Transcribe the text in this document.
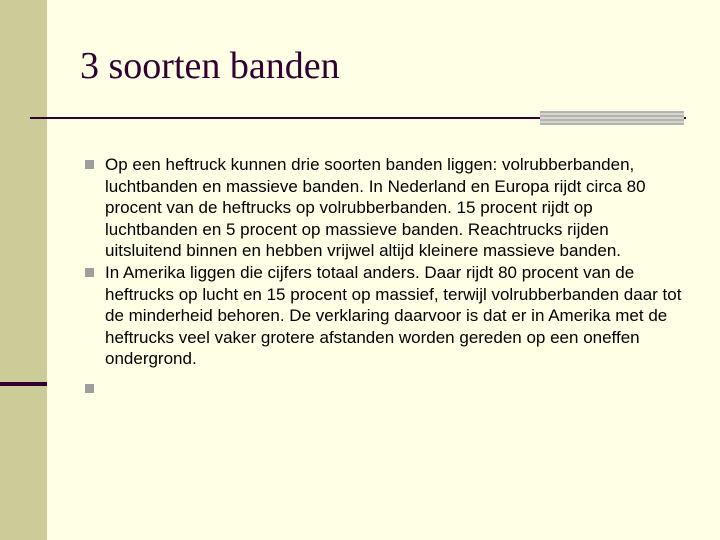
3 soorten banden
Op een heftruck kunnen drie soorten banden liggen: volrubberbanden, luchtbanden en massieve banden. In Nederland en Europa rijdt circa 80 procent van de heftrucks op volrubberbanden. 15 procent rijdt op luchtbanden en 5 procent op massieve banden. Reachtrucks rijden uitsluitend binnen en hebben vrijwel altijd kleinere massieve banden.
In Amerika liggen die cijfers totaal anders. Daar rijdt 80 procent van de heftrucks op lucht en 15 procent op massief, terwijl volrubberbanden daar tot de minderheid behoren. De verklaring daarvoor is dat er in Amerika met de heftrucks veel vaker grotere afstanden worden gereden op een oneffen ondergrond.
